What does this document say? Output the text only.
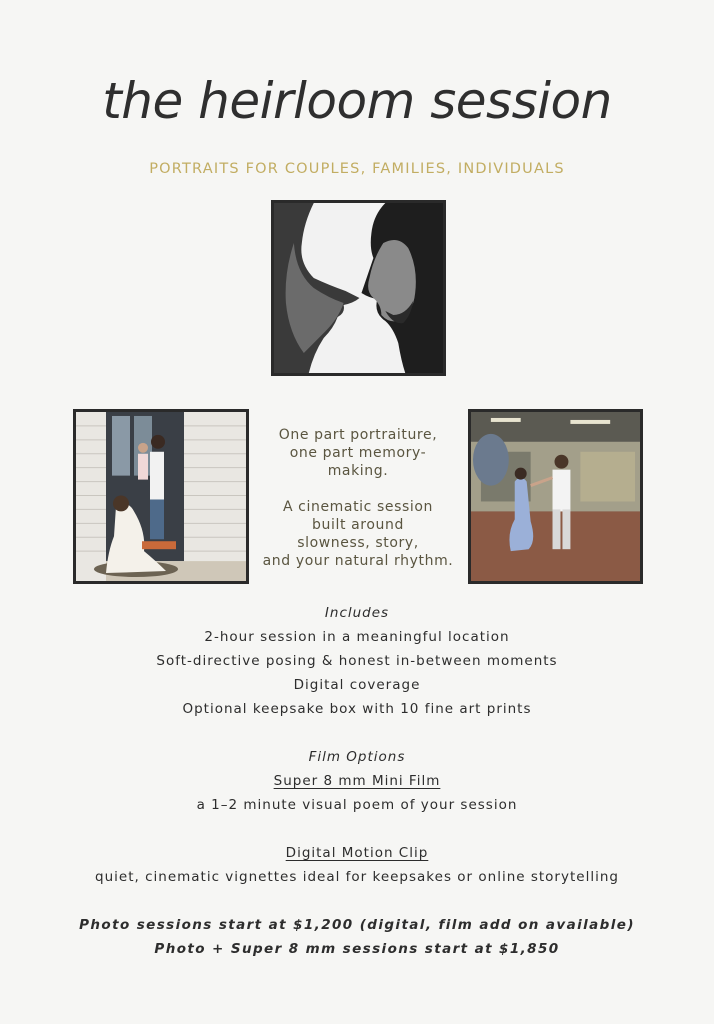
the heirloom session
PORTRAITS FOR COUPLES, FAMILIES, INDIVIDUALS

One part portraiture,

one part memory-

making.

A cinematic session

built around

slowness, story,

and your natural rhythm.

Includes
2-hour session in a meaningful location
Soft-directive posing & honest in-between moments
Digital coverage
Optional keepsake box with 10 fine art prints
Film Options
Super 8 mm Mini Film
a 1–2 minute visual poem of your session
Digital Motion Clip
quiet, cinematic vignettes ideal for keepsakes or online storytelling
Photo sessions start at $1,200 (digital, film add on available)
Photo + Super 8 mm sessions start at $1,850
